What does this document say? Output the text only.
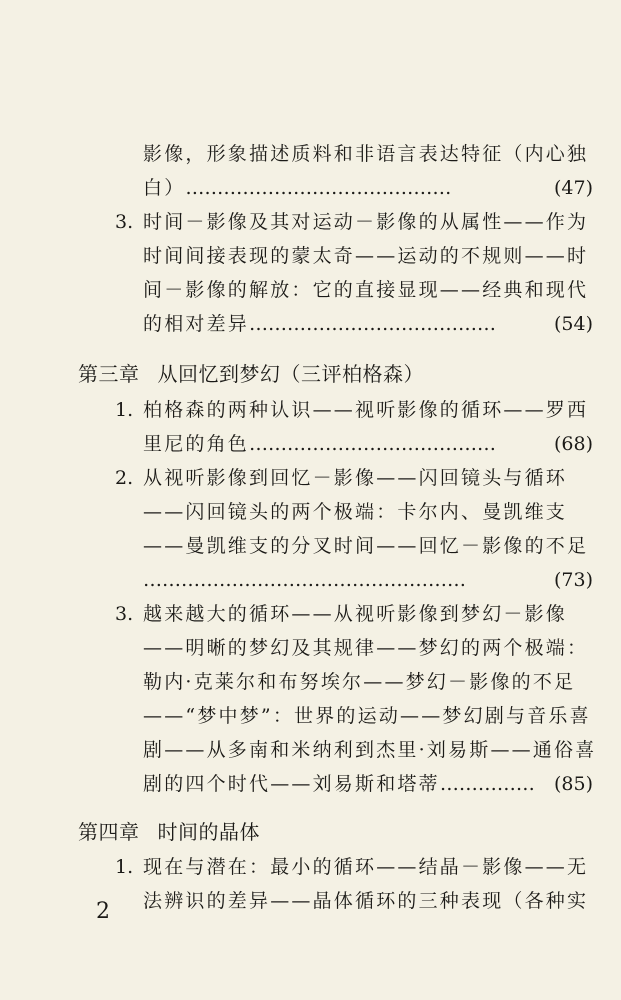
影像，形象描述质料和非语言表达特征（内心独
白）……………………………………	(47)
3. 时间－影像及其对运动－影像的从属性——作为
时间间接表现的蒙太奇——运动的不规则——时
间－影像的解放：它的直接显现——经典和现代
的相对差异…………………………………	(54)
第三章 从回忆到梦幻（三评柏格森）
1. 柏格森的两种认识——视听影像的循环——罗西
里尼的角色…………………………………	(68)
2. 从视听影像到回忆－影像——闪回镜头与循环
——闪回镜头的两个极端：卡尔内、曼凯维支
——曼凯维支的分叉时间——回忆－影像的不足
……………………………………………	(73)
3. 越来越大的循环——从视听影像到梦幻－影像
——明晰的梦幻及其规律——梦幻的两个极端：
勒内·克莱尔和布努埃尔——梦幻－影像的不足
——“梦中梦”：世界的运动——梦幻剧与音乐喜
剧——从多南和米纳利到杰里·刘易斯——通俗喜
剧的四个时代——刘易斯和塔蒂…………… (85)
第四章 时间的晶体
1. 现在与潜在：最小的循环——结晶－影像——无
法辨识的差异——晶体循环的三种表现（各种实
2
